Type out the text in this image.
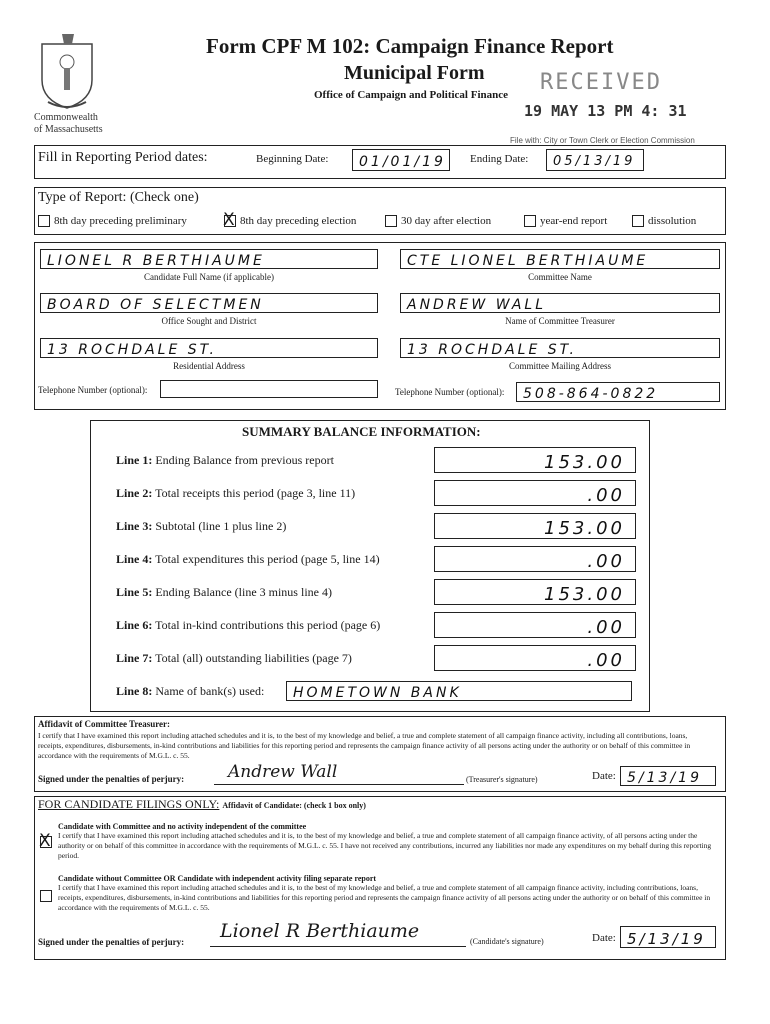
Commonwealth
of Massachusetts
Form CPF M 102: Campaign Finance Report
Municipal Form
Office of Campaign and Political Finance RECEIVED
19 MAY 13 PM 4: 31
File with: City or Town Clerk or Election Commission
Fill in Reporting Period dates:	Beginning Date:	01/01/19	Ending Date:	05/13/19
Type of Report: (Check one)
8th day preceding preliminary
X	8th day preceding election	30 day after election	year-end report	dissolution
LIONEL R BERTHIAUME
Candidate Full Name (if applicable)
CTE LIONEL BERTHIAUME
Committee Name
BOARD OF SELECTMEN
Office Sought and District
ANDREW WALL
Name of Committee Treasurer
13 ROCHDALE ST.
Residential Address
13 ROCHDALE ST.
Committee Mailing Address
Telephone Number (optional):	Telephone Number (optional):	508-864-0822
SUMMARY BALANCE INFORMATION:
Line 1: Ending Balance from previous report	153.00
Line 2: Total receipts this period (page 3, line 11)	.00
Line 3: Subtotal (line 1 plus line 2)	153.00
Line 4: Total expenditures this period (page 5, line 14)	.00
Line 5: Ending Balance (line 3 minus line 4)	153.00
Line 6: Total in-kind contributions this period (page 6)	.00
Line 7: Total (all) outstanding liabilities (page 7)	.00
Line 8: Name of bank(s) used:	HOMETOWN BANK
Affidavit of Committee Treasurer:
I certify that I have examined this report including attached schedules and it is, to the best of my knowledge and belief, a true and complete statement of all campaign finance activity, including all contributions, loans, receipts, expenditures, disbursements, in-kind contributions and liabilities for this reporting period and represents the campaign finance activity of all persons acting under the authority or on behalf of this committee in accordance with the requirements of M.G.L. c. 55.
Signed under the penalties of perjury:	Andrew Wall	(Treasurer's signature)	Date: 5/13/19
FOR CANDIDATE FILINGS ONLY: Affidavit of Candidate: (check 1 box only)
Candidate with Committee and no activity independent of the committee
X
I certify that I have examined this report including attached schedules and it is, to the best of my knowledge and belief, a true and complete statement of all campaign finance activity, of all persons acting under the authority or on behalf of this committee in accordance with the requirements of M.G.L. c. 55. I have not received any contributions, incurred any liabilities nor made any expenditures on my behalf during this reporting period.
Candidate without Committee OR Candidate with independent activity filing separate report
I certify that I have examined this report including attached schedules and it is, to the best of my knowledge and belief, a true and complete statement of all campaign finance activity, including contributions, loans, receipts, expenditures, disbursements, in-kind contributions and liabilities for this reporting period and represents the campaign finance activity of all persons acting under the authority or on behalf of this committee in accordance with the requirements of M.G.L. c. 55.
Signed under the penalties of perjury: Lionel R Berthiaume	(Candidate's signature)	Date: 5/13/19
